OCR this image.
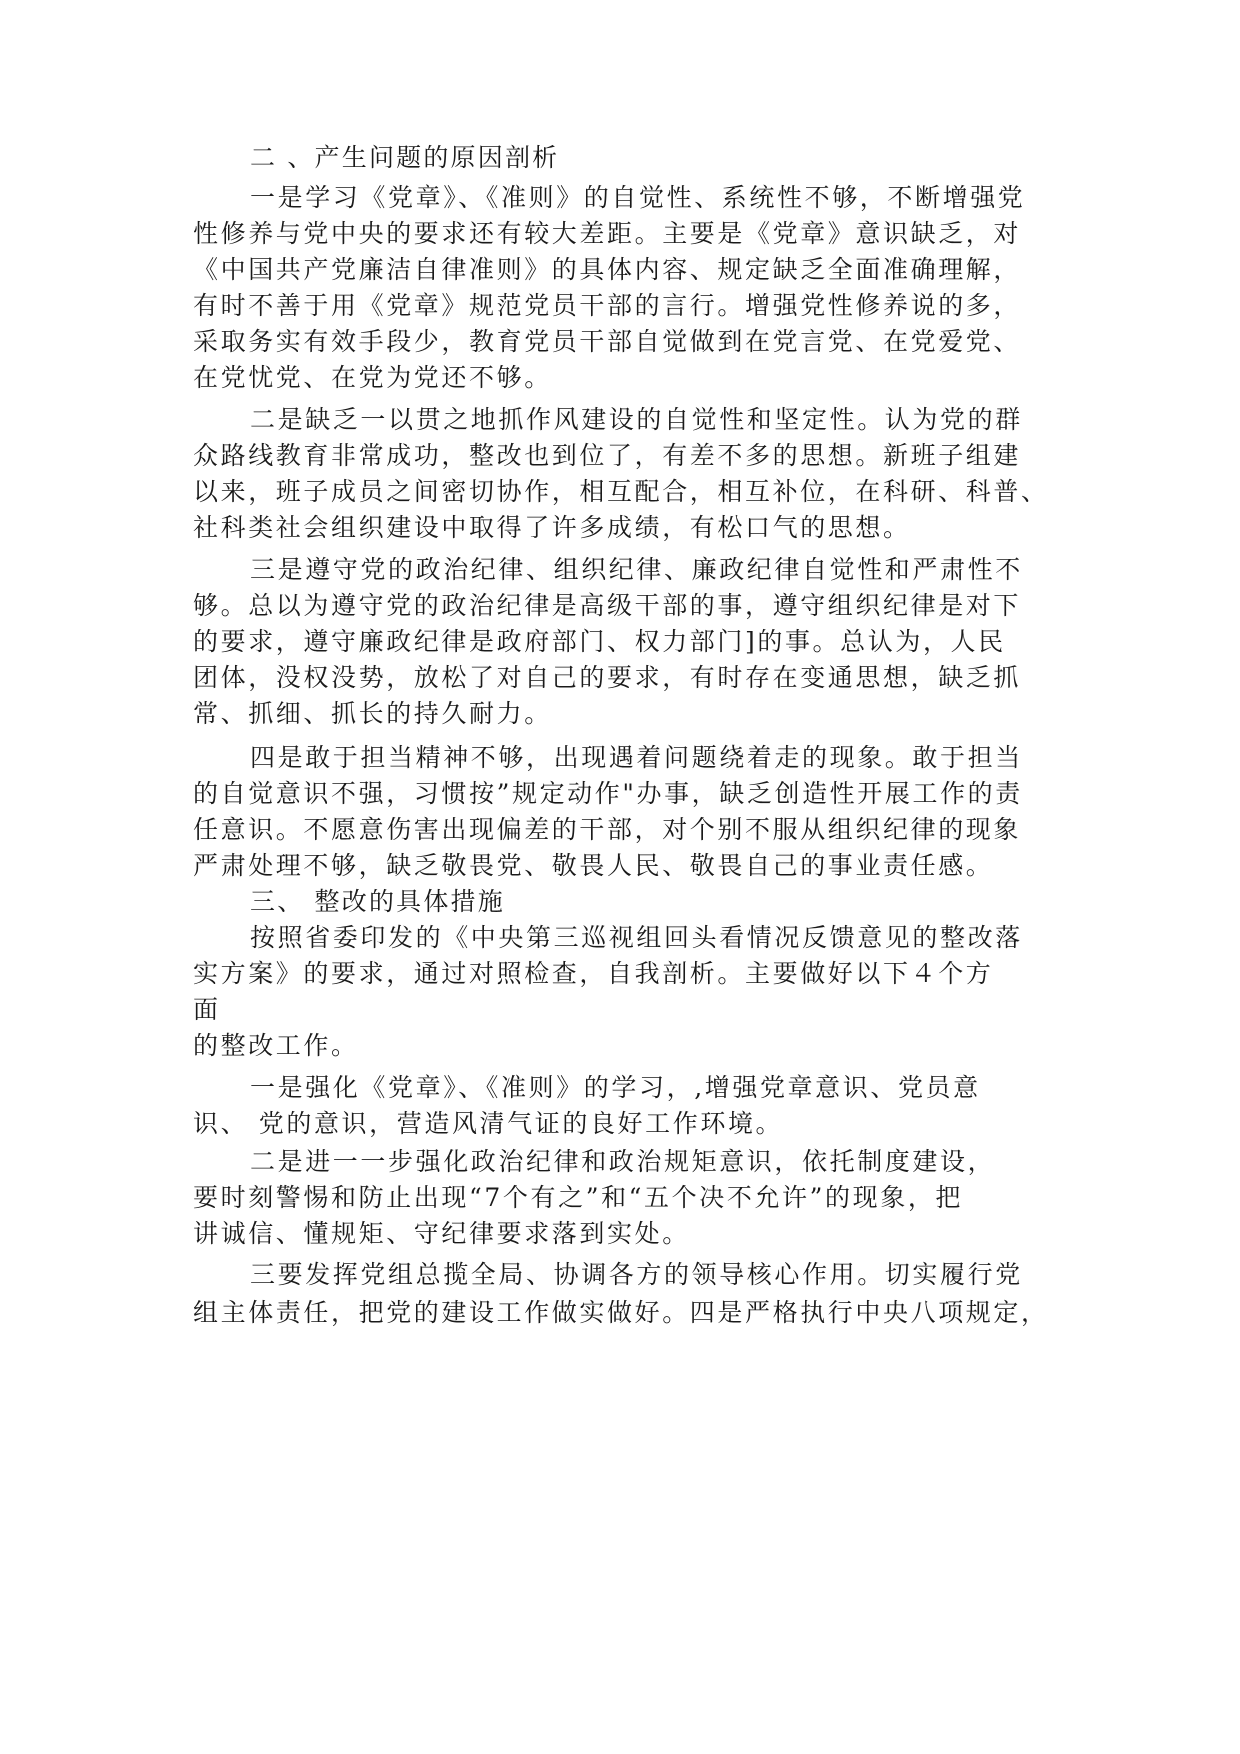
二 、产生问题的原因剖析

一是学习《党章》、《准则》的自觉性、系统性不够，不断增强党

性修养与党中央的要求还有较大差距。主要是《党章》意识缺乏，对

《中国共产党廉洁自律准则》的具体内容、规定缺乏全面准确理解，

有时不善于用《党章》规范党员干部的言行。增强党性修养说的多，

采取务实有效手段少，教育党员干部自觉做到在党言党、在党爱党、

在党忧党、在党为党还不够。

二是缺乏一以贯之地抓作风建设的自觉性和坚定性。认为党的群

众路线教育非常成功，整改也到位了，有差不多的思想。新班子组建

以来，班子成员之间密切协作，相互配合，相互补位，在科研、科普、

社科类社会组织建设中取得了许多成绩，有松口气的思想。

三是遵守党的政治纪律、组织纪律、廉政纪律自觉性和严肃性不

够。总以为遵守党的政治纪律是高级干部的事，遵守组织纪律是对下

的要求，遵守廉政纪律是政府部门、权力部门]的事。总认为，人民

团体，没权没势，放松了对自己的要求，有时存在变通思想，缺乏抓

常、抓细、抓长的持久耐力。

四是敢于担当精神不够，出现遇着问题绕着走的现象。敢于担当

的自觉意识不强，习惯按”规定动作"办事，缺乏创造性开展工作的责

任意识。不愿意伤害出现偏差的干部，对个别不服从组织纪律的现象

严肃处理不够，缺乏敬畏党、敬畏人民、敬畏自己的事业责任感。

三、 整改的具体措施

按照省委印发的《中央第三巡视组回头看情况反馈意见的整改落

实方案》的要求，通过对照检查，自我剖析。主要做好以下４个方

面

的整改工作。

一是强化《党章》、《准则》的学习，,增强党章意识、党员意

识、 党的意识，营造风清气证的良好工作环境。

二是进一一步强化政治纪律和政治规矩意识，依托制度建设，

要时刻警惕和防止出现“7个有之”和“五个决不允许”的现象，把

讲诚信、懂规矩、守纪律要求落到实处。

三要发挥党组总揽全局、协调各方的领导核心作用。切实履行党

组主体责任，把党的建设工作做实做好。四是严格执行中央八项规定，
